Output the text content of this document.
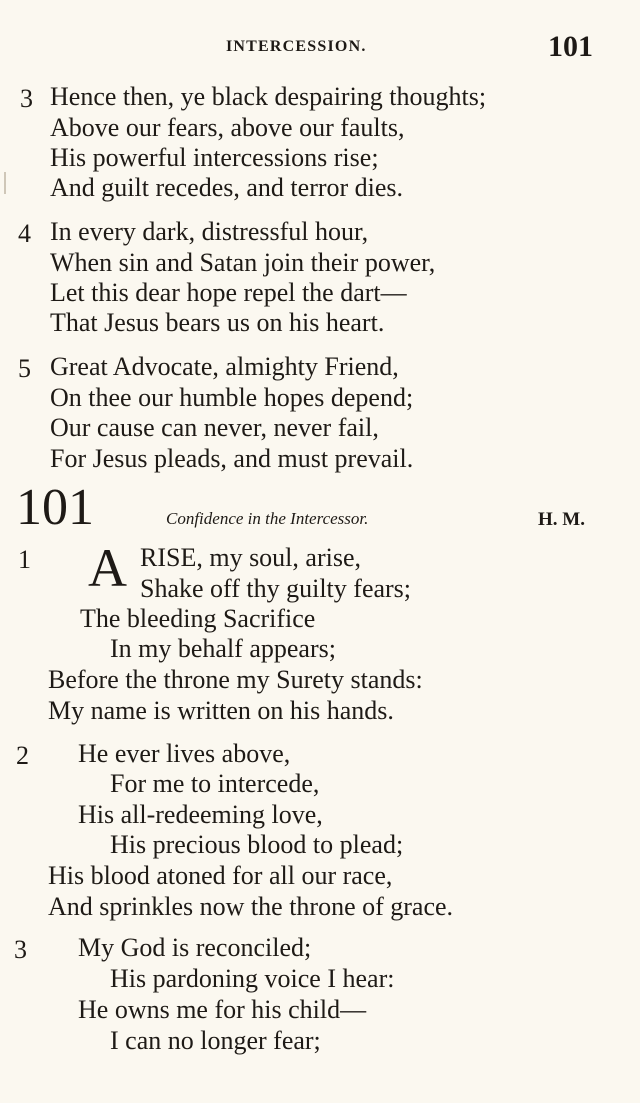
INTERCESSION.	101
3 Hence then, ye black despairing thoughts;
Above our fears, above our faults,
His powerful intercessions rise;
And guilt recedes, and terror dies.
4 In every dark, distressful hour,
When sin and Satan join their power,
Let this dear hope repel the dart—
That Jesus bears us on his heart.
5 Great Advocate, almighty Friend,
On thee our humble hopes depend;
Our cause can never, never fail,
For Jesus pleads, and must prevail.
101	Confidence in the Intercessor.	H. M.
1 A RISE, my soul, arise,
Shake off thy guilty fears;
The bleeding Sacrifice
In my behalf appears;
Before the throne my Surety stands:
My name is written on his hands.
2 He ever lives above,
For me to intercede,
His all-redeeming love,
His precious blood to plead;
His blood atoned for all our race,
And sprinkles now the throne of grace.
3 My God is reconciled;
His pardoning voice I hear:
He owns me for his child—
I can no longer fear;
